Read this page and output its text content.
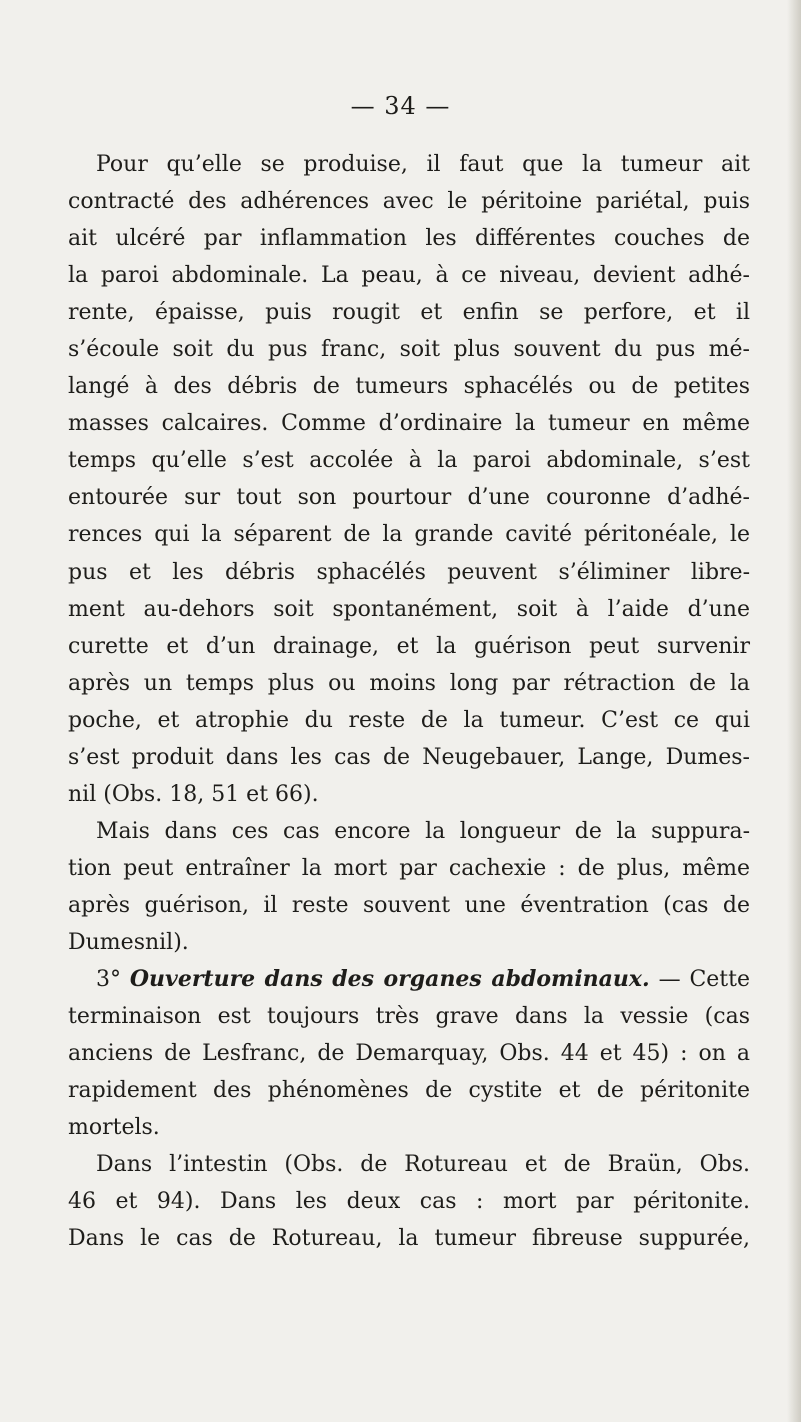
— 34 —

Pour qu’elle se produise, il faut que la tumeur ait
contracté des adhérences avec le péritoine pariétal, puis
ait ulcéré par inflammation les différentes couches de
la paroi abdominale. La peau, à ce niveau, devient adhé-
rente, épaisse, puis rougit et enfin se perfore, et il
s’écoule soit du pus franc, soit plus souvent du pus mé-
langé à des débris de tumeurs sphacélés ou de petites
masses calcaires. Comme d’ordinaire la tumeur en même
temps qu’elle s’est accolée à la paroi abdominale, s’est
entourée sur tout son pourtour d’une couronne d’adhé-
rences qui la séparent de la grande cavité péritonéale, le
pus et les débris sphacélés peuvent s’éliminer libre-
ment au-dehors soit spontanément, soit à l’aide d’une
curette et d’un drainage, et la guérison peut survenir
après un temps plus ou moins long par rétraction de la
poche, et atrophie du reste de la tumeur. C’est ce qui
s’est produit dans les cas de Neugebauer, Lange, Dumes-
nil (Obs. 18, 51 et 66).
Mais dans ces cas encore la longueur de la suppura-
tion peut entraîner la mort par cachexie : de plus, même
après guérison, il reste souvent une éventration (cas de
Dumesnil).
3° Ouverture dans des organes abdominaux. — Cette
terminaison est toujours très grave dans la vessie (cas
anciens de Lesfranc, de Demarquay, Obs. 44 et 45) : on a
rapidement des phénomènes de cystite et de péritonite
mortels.
Dans l’intestin (Obs. de Rotureau et de Braün, Obs.
46 et 94). Dans les deux cas : mort par péritonite.
Dans le cas de Rotureau, la tumeur fibreuse suppurée,
